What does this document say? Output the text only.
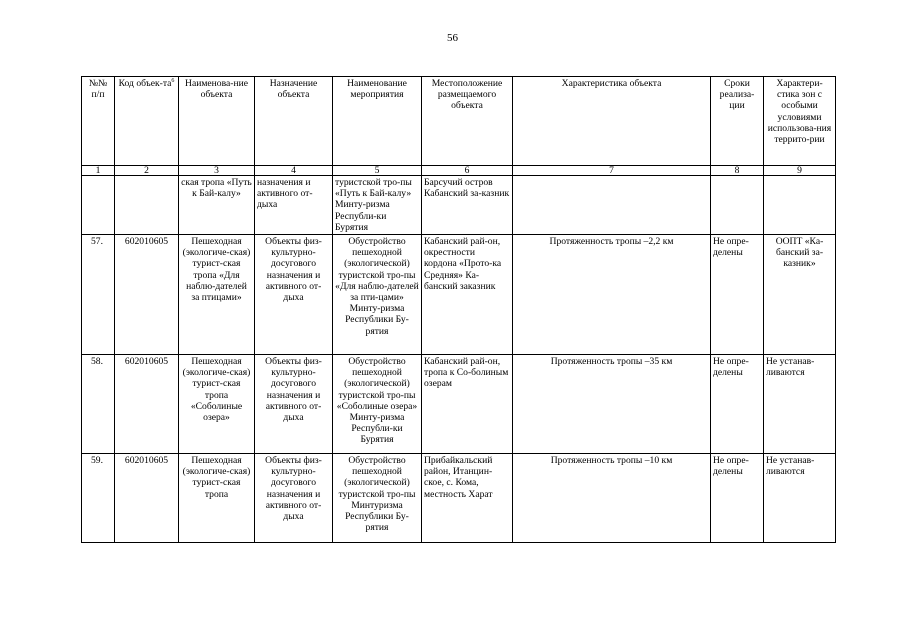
56
№№ п/п	Код объек-$та^6$	Наименова-ние объекта	Назначение объекта	Наименование мероприятия	Местоположение размещаемого объекта	Характеристика объекта	Сроки реализа-ции	Характери-стика зон с особыми условиями использова-ния террито-рии
1	2	3	4	5	6	7	8	9
		ская тропа «Путь к Бай-калу»	назначения и активного от-дыха	туристской тро-пы «Путь к Бай-калу» Минту-ризма Республи-ки Бурятия	Барсучий остров Кабанский за-казник			
57.	602010605	Пешеходная (экологиче-ская) турист-ская тропа «Для наблю-дателей за птицами»	Объекты физ-культурно-досугового назначения и активного от-дыха	Обустройство пешеходной (экологической) туристской тро-пы «Для наблю-дателей за пти-цами» Минту-ризма Республики Бу-рятия	Кабанский рай-он, окрестности кордона «Прото-ка Средняя» Ка-банский заказник	Протяженность тропы –2,2 км	Не опре-делены	ООПТ «Ка-банский за-казник»
58.	602010605	Пешеходная (экологиче-ская) турист-ская тропа «Соболиные озера»	Объекты физ-культурно-досугового назначения и активного от-дыха	Обустройство пешеходной (экологической) туристской тро-пы «Соболиные озера» Минту-ризма Республи-ки Бурятия	Кабанский рай-он, тропа к Со-болиным озерам	Протяженность тропы –35 км	Не опре-делены	Не устанав-ливаются
59.	602010605	Пешеходная (экологиче-ская) турист-ская тропа	Объекты физ-культурно-досугового назначения и активного от-дыха	Обустройство пешеходной (экологической) туристской тро-пы Минтуризма Республики Бу-рятия	Прибайкальский район, Итанцин-ское, с. Кома, местность Харат	Протяженность тропы –10 км	Не опре-делены	Не устанав-ливаются
